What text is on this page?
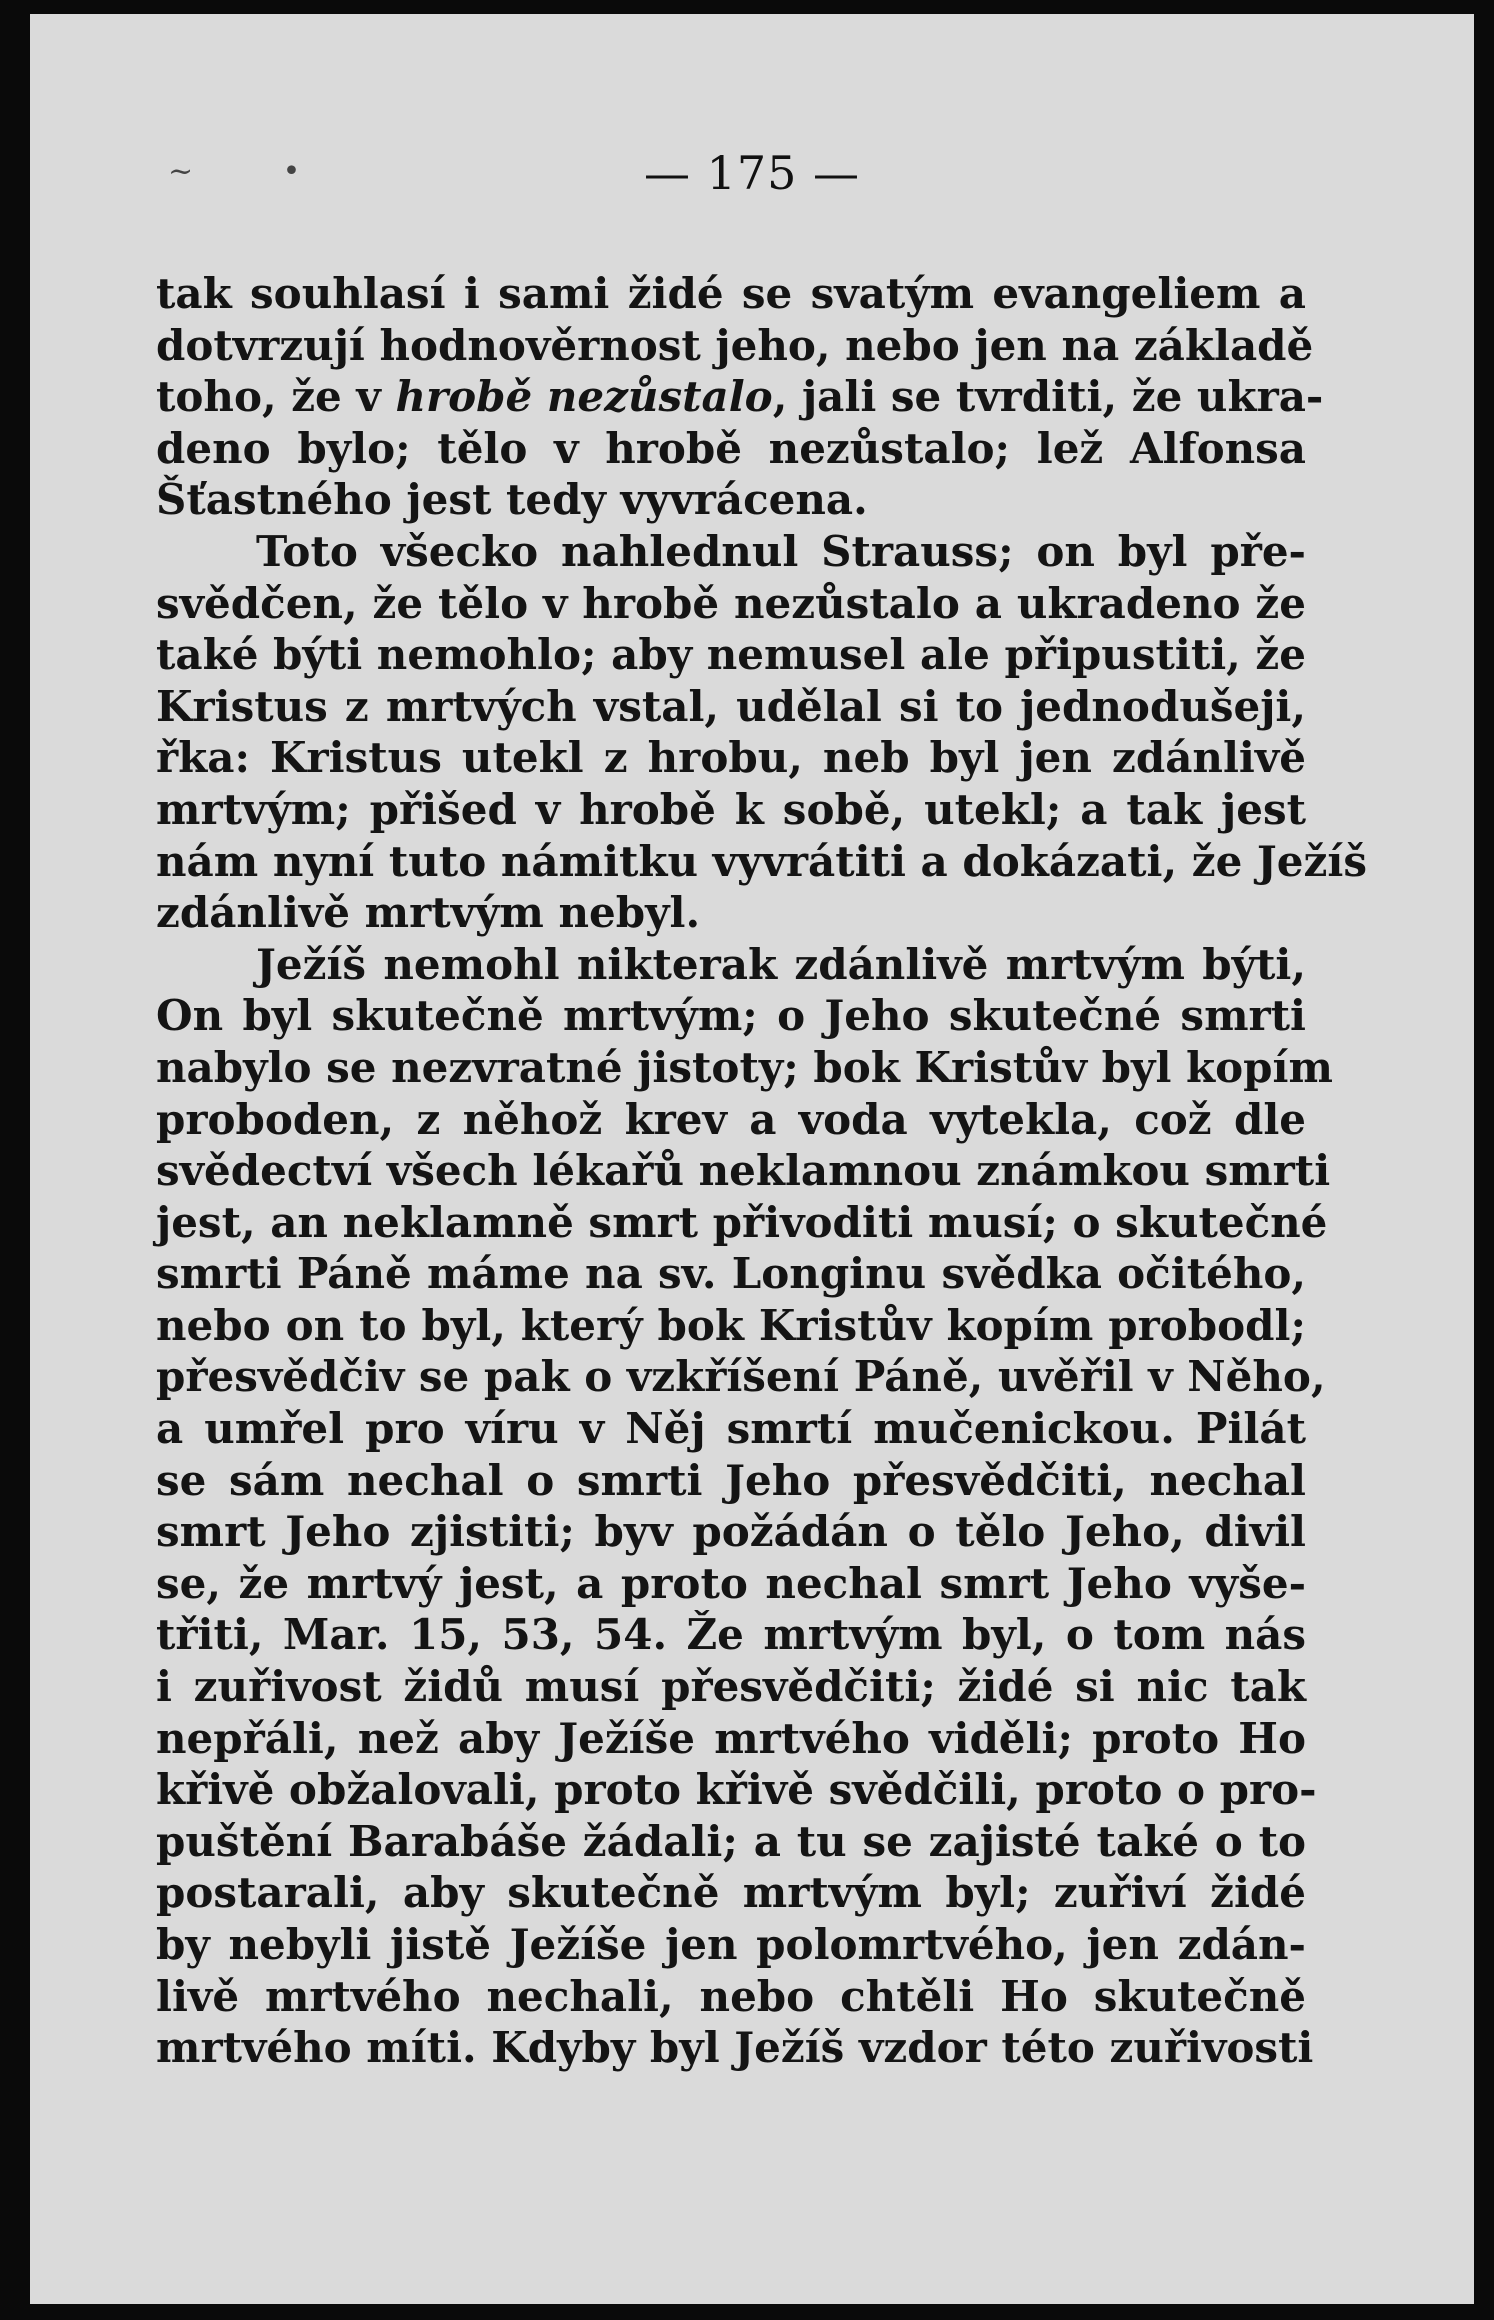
~ •	— 175 —
tak souhlasí i sami židé se svatým evangeliem a
dotvrzují hodnověrnost jeho, nebo jen na základě
toho, že v hrobě nezůstalo, jali se tvrditi, že ukra-
deno bylo; tělo v hrobě nezůstalo; lež Alfonsa
Šťastného jest tedy vyvrácena.
Toto všecko nahlednul Strauss; on byl pře-
svědčen, že tělo v hrobě nezůstalo a ukradeno že
také býti nemohlo; aby nemusel ale připustiti, že
Kristus z mrtvých vstal, udělal si to jednodušeji,
řka: Kristus utekl z hrobu, neb byl jen zdánlivě
mrtvým; přišed v hrobě k sobě, utekl; a tak jest
nám nyní tuto námitku vyvrátiti a dokázati, že Ježíš
zdánlivě mrtvým nebyl.
Ježíš nemohl nikterak zdánlivě mrtvým býti,
On byl skutečně mrtvým; o Jeho skutečné smrti
nabylo se nezvratné jistoty; bok Kristův byl kopím
proboden, z něhož krev a voda vytekla, což dle
svědectví všech lékařů neklamnou známkou smrti
jest, an neklamně smrt přivoditi musí; o skutečné
smrti Páně máme na sv. Longinu svědka očitého,
nebo on to byl, který bok Kristův kopím probodl;
přesvědčiv se pak o vzkříšení Páně, uvěřil v Něho,
a umřel pro víru v Něj smrtí mučenickou. Pilát
se sám nechal o smrti Jeho přesvědčiti, nechal
smrt Jeho zjistiti; byv požádán o tělo Jeho, divil
se, že mrtvý jest, a proto nechal smrt Jeho vyše-
třiti, Mar. 15, 53, 54. Že mrtvým byl, o tom nás
i zuřivost židů musí přesvědčiti; židé si nic tak
nepřáli, než aby Ježíše mrtvého viděli; proto Ho
křivě obžalovali, proto křivě svědčili, proto o pro-
puštění Barabáše žádali; a tu se zajisté také o to
postarali, aby skutečně mrtvým byl; zuřiví židé
by nebyli jistě Ježíše jen polomrtvého, jen zdán-
livě mrtvého nechali, nebo chtěli Ho skutečně
mrtvého míti. Kdyby byl Ježíš vzdor této zuřivosti
